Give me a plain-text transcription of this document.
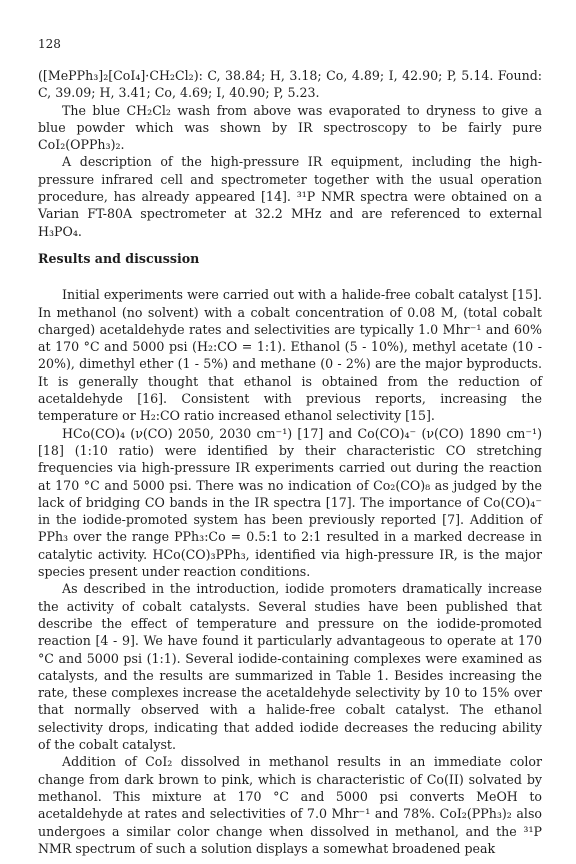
128

([MePPh₃]₂[CoI₄]·CH₂Cl₂): C, 38.84; H, 3.18; Co, 4.89; I, 42.90; P, 5.14. Found: C, 39.09; H, 3.41; Co, 4.69; I, 40.90; P, 5.23.

The blue CH₂Cl₂ wash from above was evaporated to dryness to give a blue powder which was shown by IR spectroscopy to be fairly pure CoI₂(OPPh₃)₂.

A description of the high-pressure IR equipment, including the high-pressure infrared cell and spectrometer together with the usual operation procedure, has already appeared [14]. ³¹P NMR spectra were obtained on a Varian FT-80A spectrometer at 32.2 MHz and are referenced to external H₃PO₄.

Results and discussion

Initial experiments were carried out with a halide-free cobalt catalyst [15]. In methanol (no solvent) with a cobalt concentration of 0.08 M, (total cobalt charged) acetaldehyde rates and selectivities are typically 1.0 Mhr⁻¹ and 60% at 170 °C and 5000 psi (H₂:CO = 1:1). Ethanol (5 - 10%), methyl acetate (10 - 20%), dimethyl ether (1 - 5%) and methane (0 - 2%) are the major byproducts. It is generally thought that ethanol is obtained from the reduction of acetaldehyde [16]. Consistent with previous reports, increasing the temperature or H₂:CO ratio increased ethanol selectivity [15].

HCo(CO)₄ (ν(CO) 2050, 2030 cm⁻¹) [17] and Co(CO)₄⁻ (ν(CO) 1890 cm⁻¹) [18] (1:10 ratio) were identified by their characteristic CO stretching frequencies via high-pressure IR experiments carried out during the reaction at 170 °C and 5000 psi. There was no indication of Co₂(CO)₈ as judged by the lack of bridging CO bands in the IR spectra [17]. The importance of Co(CO)₄⁻ in the iodide-promoted system has been previously reported [7]. Addition of PPh₃ over the range PPh₃:Co = 0.5:1 to 2:1 resulted in a marked decrease in catalytic activity. HCo(CO)₃PPh₃, identified via high-pressure IR, is the major species present under reaction conditions.

As described in the introduction, iodide promoters dramatically increase the activity of cobalt catalysts. Several studies have been published that describe the effect of temperature and pressure on the iodide-promoted reaction [4 - 9]. We have found it particularly advantageous to operate at 170 °C and 5000 psi (1:1). Several iodide-containing complexes were examined as catalysts, and the results are summarized in Table 1. Besides increasing the rate, these complexes increase the acetaldehyde selectivity by 10 to 15% over that normally observed with a halide-free cobalt catalyst. The ethanol selectivity drops, indicating that added iodide decreases the reducing ability of the cobalt catalyst.

Addition of CoI₂ dissolved in methanol results in an immediate color change from dark brown to pink, which is characteristic of Co(II) solvated by methanol. This mixture at 170 °C and 5000 psi converts MeOH to acetaldehyde at rates and selectivities of 7.0 Mhr⁻¹ and 78%. CoI₂(PPh₃)₂ also undergoes a similar color change when dissolved in methanol, and the ³¹P NMR spectrum of such a solution displays a somewhat broadened peak
